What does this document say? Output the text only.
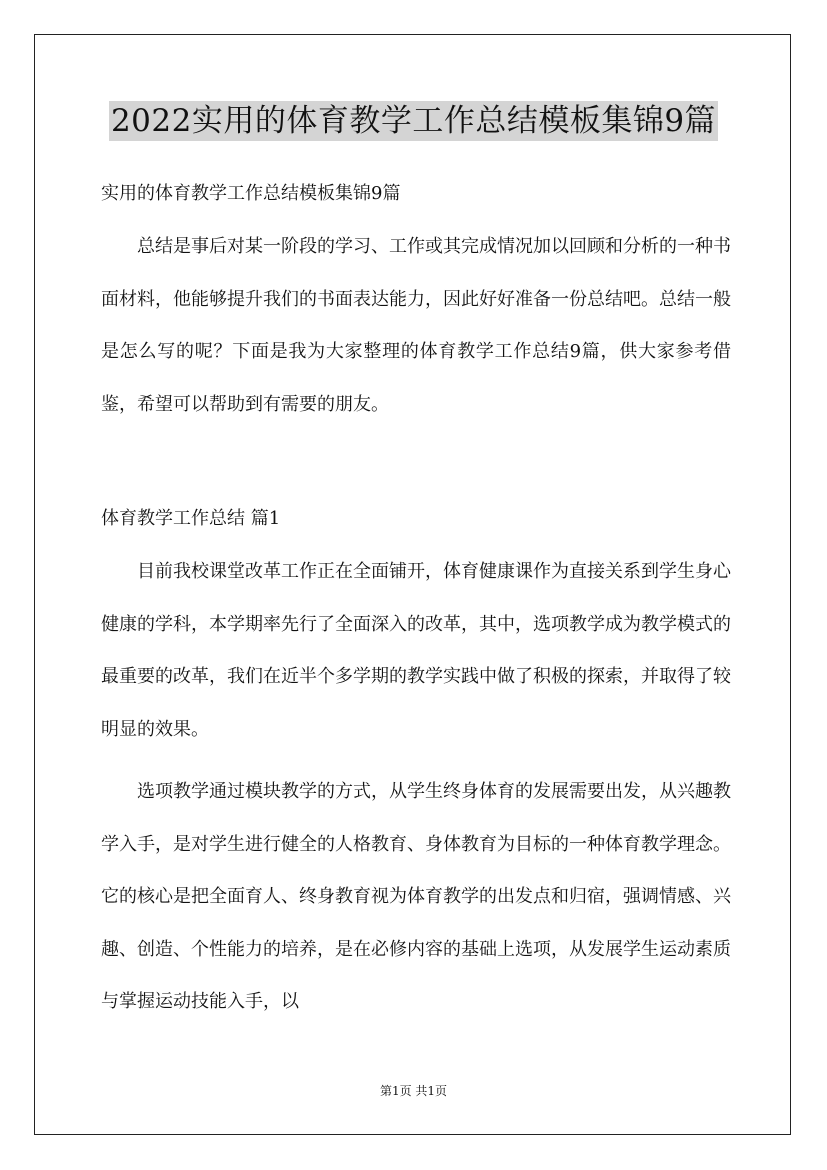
2022实用的体育教学工作总结模板集锦9篇
实用的体育教学工作总结模板集锦9篇

总结是事后对某一阶段的学习、工作或其完成情况加以回顾和分析的一种书面材料，他能够提升我们的书面表达能力，因此好好准备一份总结吧。总结一般是怎么写的呢？下面是我为大家整理的体育教学工作总结9篇，供大家参考借鉴，希望可以帮助到有需要的朋友。

体育教学工作总结 篇1

目前我校课堂改革工作正在全面铺开，体育健康课作为直接关系到学生身心健康的学科，本学期率先行了全面深入的改革，其中，选项教学成为教学模式的最重要的改革，我们在近半个多学期的教学实践中做了积极的探索，并取得了较明显的效果。

选项教学通过模块教学的方式，从学生终身体育的发展需要出发，从兴趣教学入手，是对学生进行健全的人格教育、身体教育为目标的一种体育教学理念。它的核心是把全面育人、终身教育视为体育教学的出发点和归宿，强调情感、兴趣、创造、个性能力的培养，是在必修内容的基础上选项，从发展学生运动素质与掌握运动技能入手，以

第1页 共1页
